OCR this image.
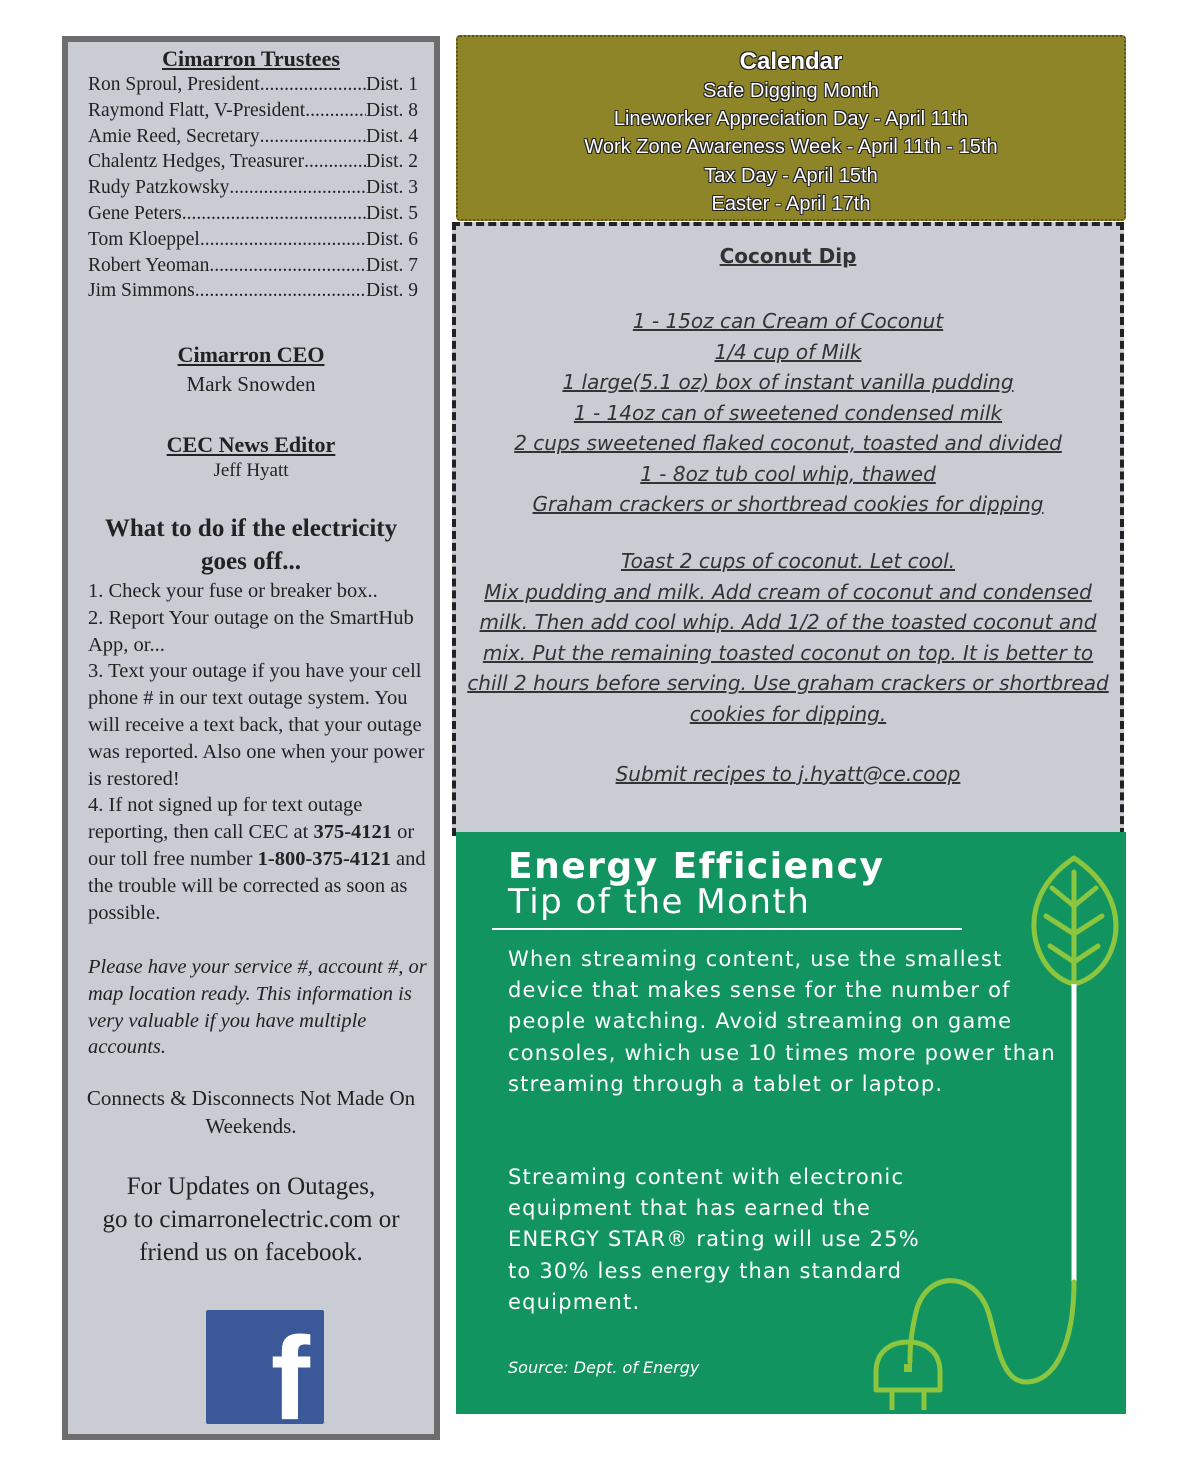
Cimarron Trustees
Ron Sproul, President .....	Dist. 1
Raymond Flatt, V-President .....	Dist. 8
Amie Reed, Secretary .....	Dist. 4
Chalentz Hedges, Treasurer .....	Dist. 2
Rudy Patzkowsky .....	Dist. 3
Gene Peters .....	Dist. 5
Tom Kloeppel .....	Dist. 6
Robert Yeoman .....	Dist. 7
Jim Simmons .....	Dist. 9
Cimarron CEO
Mark Snowden
CEC News Editor
Jeff Hyatt
What to do if the electricity goes off...

1. Check your fuse or breaker box..

2. Report Your outage on the SmartHub App, or...

3. Text your outage if you have your cell phone # in our text outage system. You will receive a text back, that your outage was reported. Also one when your power is restored!

4. If not signed up for text outage reporting, then call CEC at 375-4121 or our toll free number 1-800-375-4121 and the trouble will be corrected as soon as possible.

Please have your service #, account #, or map location ready. This information is very valuable if you have multiple accounts.
Connects & Disconnects Not Made On Weekends.
For Updates on Outages,
go to cimarronelectric.com or
friend us on facebook.
f
Calendar
Safe Digging Month
Lineworker Appreciation Day - April 11th
Work Zone Awareness Week - April 11th - 15th
Tax Day - April 15th
Easter - April 17th
Coconut Dip
1 - 15oz can Cream of Coconut
1/4 cup of Milk
1 large(5.1 oz) box of instant vanilla pudding
1 - 14oz can of sweetened condensed milk
2 cups sweetened flaked coconut, toasted and divided
1 - 8oz tub cool whip, thawed
Graham crackers or shortbread cookies for dipping

Toast 2 cups of coconut. Let cool.

Mix pudding and milk. Add cream of coconut and condensed milk. Then add cool whip. Add 1/2 of the toasted coconut and mix. Put the remaining toasted coconut on top. It is better to chill 2 hours before serving. Use graham crackers or shortbread cookies for dipping.

Submit recipes to j.hyatt@ce.coop
Energy Efficiency
Tip of the Month
When streaming content, use the smallest device that makes sense for the number of people watching. Avoid streaming on game consoles, which use 10 times more power than streaming through a tablet or laptop.
Streaming content with electronic equipment that has earned the ENERGY STAR® rating will use 25% to 30% less energy than standard equipment.
Source: Dept. of Energy
